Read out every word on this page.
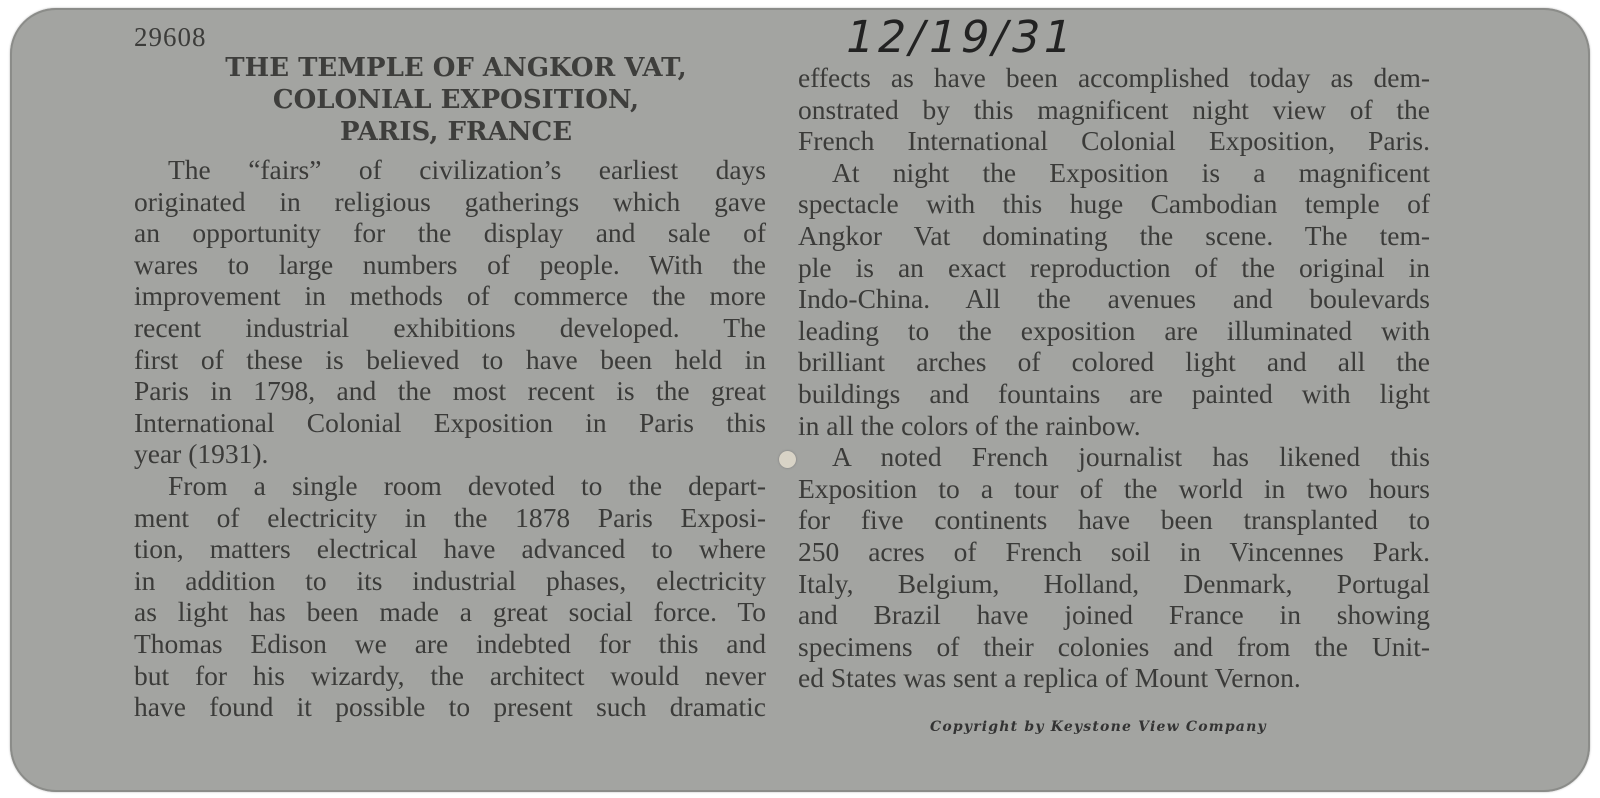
29608	12/19/31
THE TEMPLE OF ANGKOR VAT,
COLONIAL EXPOSITION,
PARIS, FRANCE
The “fairs” of civilization’s earliest days
originated in religious gatherings which gave
an opportunity for the display and sale of
wares to large numbers of people. With the
improvement in methods of commerce the more
recent industrial exhibitions developed. The
first of these is believed to have been held in
Paris in 1798, and the most recent is the great
International Colonial Exposition in Paris this
year (1931).
From a single room devoted to the depart-
ment of electricity in the 1878 Paris Exposi-
tion, matters electrical have advanced to where
in addition to its industrial phases, electricity
as light has been made a great social force. To
Thomas Edison we are indebted for this and
but for his wizardy, the architect would never
have found it possible to present such dramatic
effects as have been accomplished today as dem-
onstrated by this magnificent night view of the
French International Colonial Exposition, Paris.
At night the Exposition is a magnificent
spectacle with this huge Cambodian temple of
Angkor Vat dominating the scene. The tem-
ple is an exact reproduction of the original in
Indo-China. All the avenues and boulevards
leading to the exposition are illuminated with
brilliant arches of colored light and all the
buildings and fountains are painted with light
in all the colors of the rainbow.
A noted French journalist has likened this
Exposition to a tour of the world in two hours
for five continents have been transplanted to
250 acres of French soil in Vincennes Park.
Italy, Belgium, Holland, Denmark, Portugal
and Brazil have joined France in showing
specimens of their colonies and from the Unit-
ed States was sent a replica of Mount Vernon.
Copyright by Keystone View Company
